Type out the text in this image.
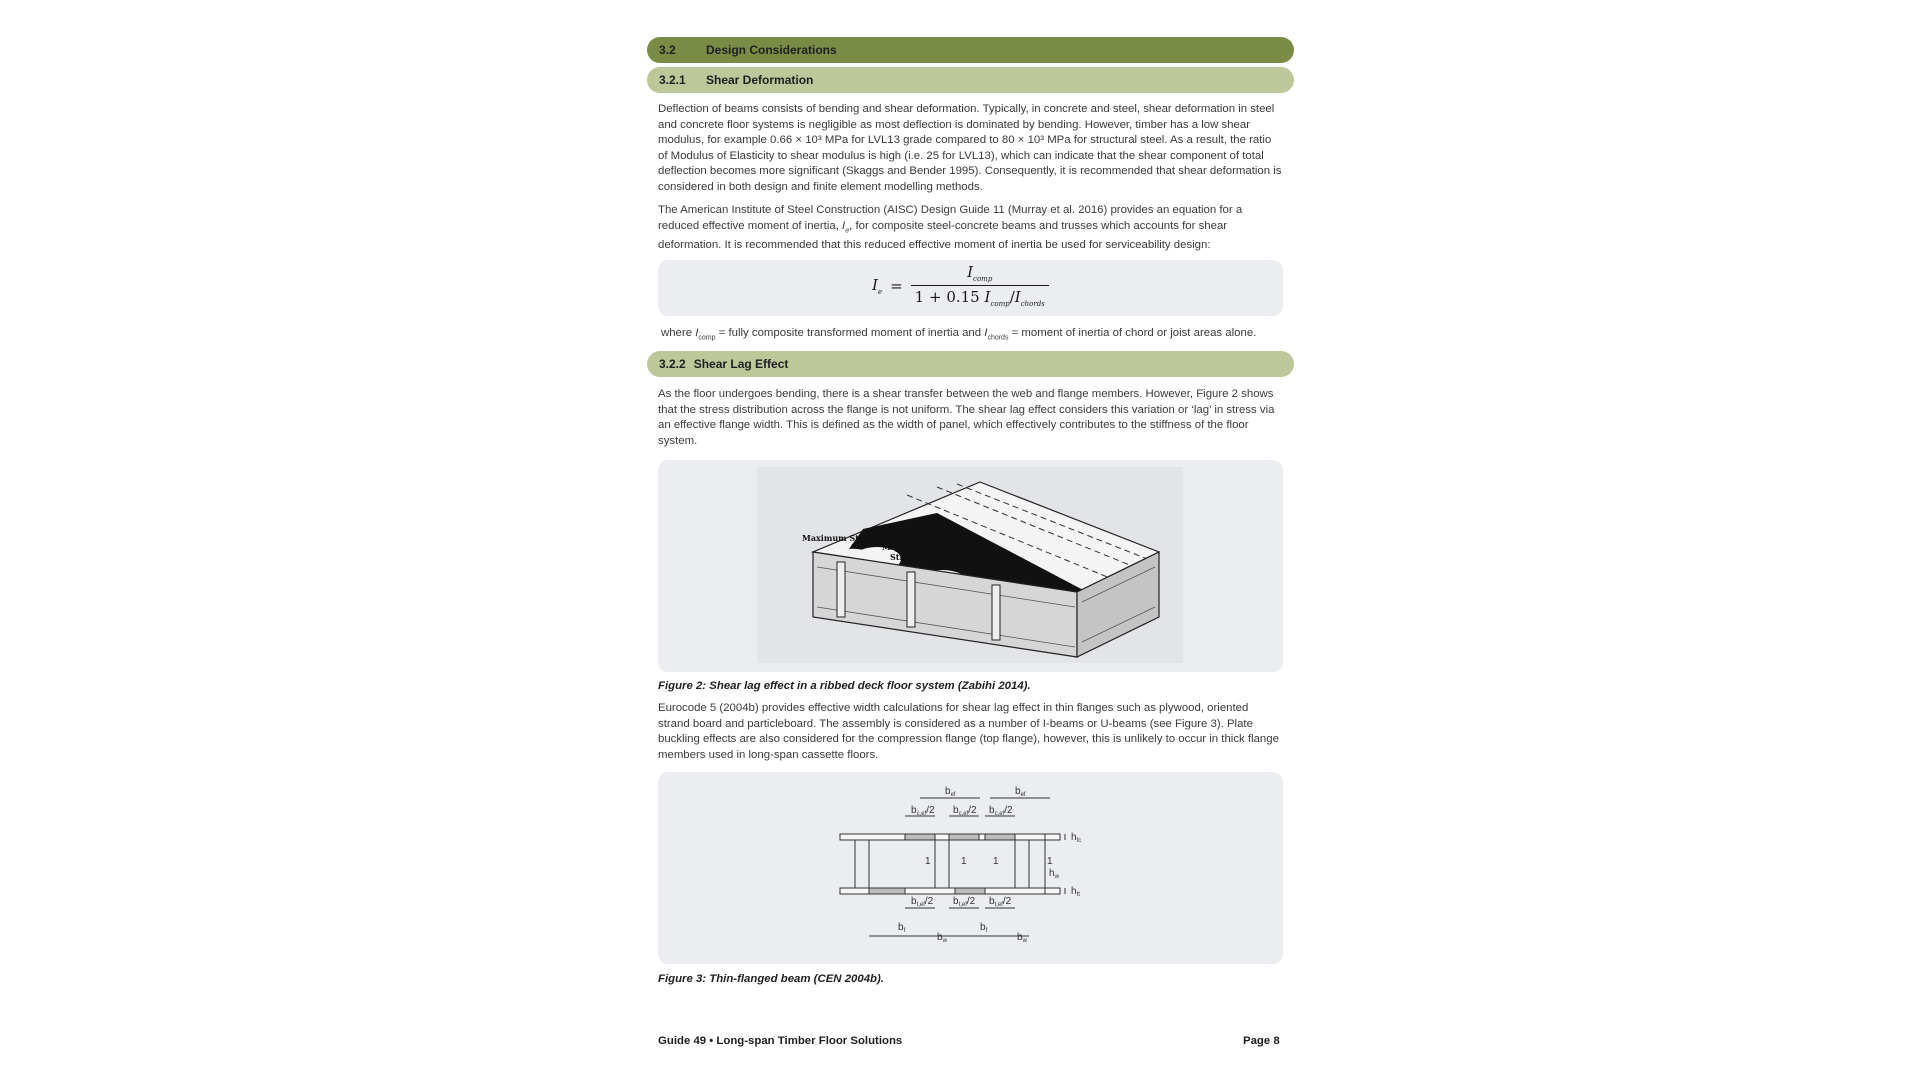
3.2	Design Considerations
3.2.1	Shear Deformation

Deflection of beams consists of bending and shear deformation. Typically, in concrete and steel, shear deformation in steel and concrete floor systems is negligible as most deflection is dominated by bending. However, timber has a low shear modulus, for example 0.66 × 10³ MPa for LVL13 grade compared to 80 × 10³ MPa for structural steel. As a result, the ratio of Modulus of Elasticity to shear modulus is high (i.e. 25 for LVL13), which can indicate that the shear component of total deflection becomes more significant (Skaggs and Bender 1995). Consequently, it is recommended that shear deformation is considered in both design and finite element modelling methods.

The American Institute of Steel Construction (AISC) Design Guide 11 (Murray et al. 2016) provides an equation for a reduced effective moment of inertia, $I_e$, for composite steel-concrete beams and trusses which accounts for shear deformation. It is recommended that this reduced effective moment of inertia be used for serviceability design:

$I_e = \frac{I_{comp}}{1 + 0.15 I_{comp}/I_{chords}}$

where $I_{comp}$ = fully composite transformed moment of inertia and $I_{chords}$ = moment of inertia of chord or joist areas alone.

3.2.2 Shear Lag Effect

As the floor undergoes bending, there is a shear transfer between the web and flange members. However, Figure 2 shows that the stress distribution across the flange is not uniform. The shear lag effect considers this variation or ‘lag’ in stress via an effective flange width. This is defined as the width of panel, which effectively contributes to the stiffness of the floor system.

Maximum Stress
Minimum
Stress
Figure 2: Shear lag effect in a ribbed deck floor system (Zabihi 2014).

Eurocode 5 (2004b) provides effective width calculations for shear lag effect in thin flanges such as plywood, oriented strand board and particleboard. The assembly is considered as a number of I-beams or U-beams (see Figure 3). Plate buckling effects are also considered for the compression flange (top flange), however, this is unlikely to occur in thick flange members used in long-span cassette floors.

$b_{ef}$	$b_{ef}$
$b_{c,ef}/2$ $b_{c,ef}/2$ $b_{c,ef}/2$
1	1	1	1
$b_{t,ef}/2$ $b_{t,ef}/2$ $b_{t,ef}/2$
$b_f$
$b_w$
$b_f$
$b_w$
$h_w$
$h_fc$
$h_ft$
Figure 3: Thin-flanged beam (CEN 2004b).
Guide 49 • Long-span Timber Floor Solutions	Page 8
